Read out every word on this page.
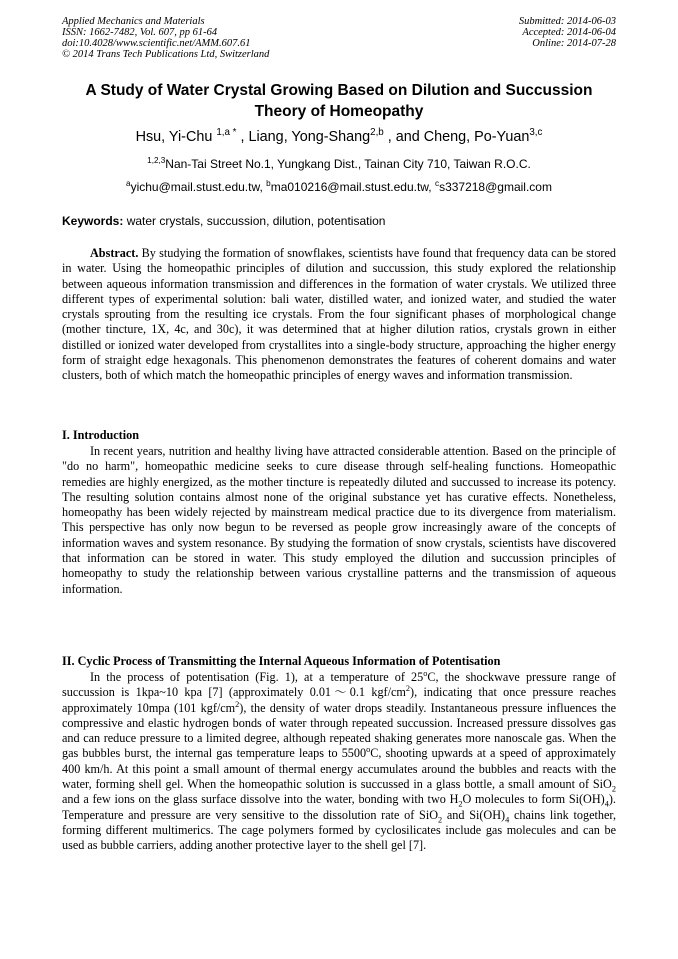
Applied Mechanics and Materials
ISSN: 1662-7482, Vol. 607, pp 61-64
doi:10.4028/www.scientific.net/AMM.607.61
© 2014 Trans Tech Publications Ltd, Switzerland
Submitted: 2014-06-03
Accepted: 2014-06-04
Online: 2014-07-28
A Study of Water Crystal Growing Based on Dilution and Succussion
Theory of Homeopathy
Hsu, Yi-Chu $^{1,a *}$ , Liang, Yong-Shang$^{2,b}$ , and Cheng, Po-Yuan$^{3,c}$
$^{1,2,3}$Nan-Tai Street No.1, Yungkang Dist., Tainan City 710, Taiwan R.O.C.
$^a$yichu@mail.stust.edu.tw, $^b$ma010216@mail.stust.edu.tw, $^c$s337218@gmail.com
Keywords: water crystals, succussion, dilution, potentisation
Abstract. By studying the formation of snowflakes, scientists have found that frequency data can be stored in water. Using the homeopathic principles of dilution and succussion, this study explored the relationship between aqueous information transmission and differences in the formation of water crystals. We utilized three different types of experimental solution: bali water, distilled water, and ionized water, and studied the water crystals sprouting from the resulting ice crystals. From the four significant phases of morphological change (mother tincture, 1X, 4c, and 30c), it was determined that at higher dilution ratios, crystals grown in either distilled or ionized water developed from crystallites into a single-body structure, approaching the higher energy form of straight edge hexagonals. This phenomenon demonstrates the features of coherent domains and water clusters, both of which match the homeopathic principles of energy waves and information transmission.
I. Introduction
In recent years, nutrition and healthy living have attracted considerable attention. Based on the principle of "do no harm", homeopathic medicine seeks to cure disease through self-healing functions. Homeopathic remedies are highly energized, as the mother tincture is repeatedly diluted and succussed to increase its potency. The resulting solution contains almost none of the original substance yet has curative effects. Nonetheless, homeopathy has been widely rejected by mainstream medical practice due to its divergence from materialism. This perspective has only now begun to be reversed as people grow increasingly aware of the concepts of information waves and system resonance. By studying the formation of snow crystals, scientists have discovered that information can be stored in water. This study employed the dilution and succussion principles of homeopathy to study the relationship between various crystalline patterns and the transmission of aqueous information.
II. Cyclic Process of Transmitting the Internal Aqueous Information of Potentisation
In the process of potentisation (Fig. 1), at a temperature of 25$^o$C, the shockwave pressure range of succussion is 1kpa~10 kpa [7] (approximately 0.01～0.1 kgf/$cm^2$), indicating that once pressure reaches approximately 10mpa (101 kgf/$cm^2$), the density of water drops steadily. Instantaneous pressure influences the compressive and elastic hydrogen bonds of water through repeated succussion. Increased pressure dissolves gas and can reduce pressure to a limited degree, although repeated shaking generates more nanoscale gas. When the gas bubbles burst, the internal gas temperature leaps to 5500$^o$C, shooting upwards at a speed of approximately 400 km/h. At this point a small amount of thermal energy accumulates around the bubbles and reacts with the water, forming shell gel. When the homeopathic solution is succussed in a glass bottle, a small amount of SiO$_2$ and a few ions on the glass surface dissolve into the water, bonding with two $H_2O$ molecules to form $Si(OH)_4$). Temperature and pressure are very sensitive to the dissolution rate of SiO$_2$ and $Si(OH)_4$ chains link together, forming different multimerics. The cage polymers formed by cyclosilicates include gas molecules and can be used as bubble carriers, adding another protective layer to the shell gel [7].
